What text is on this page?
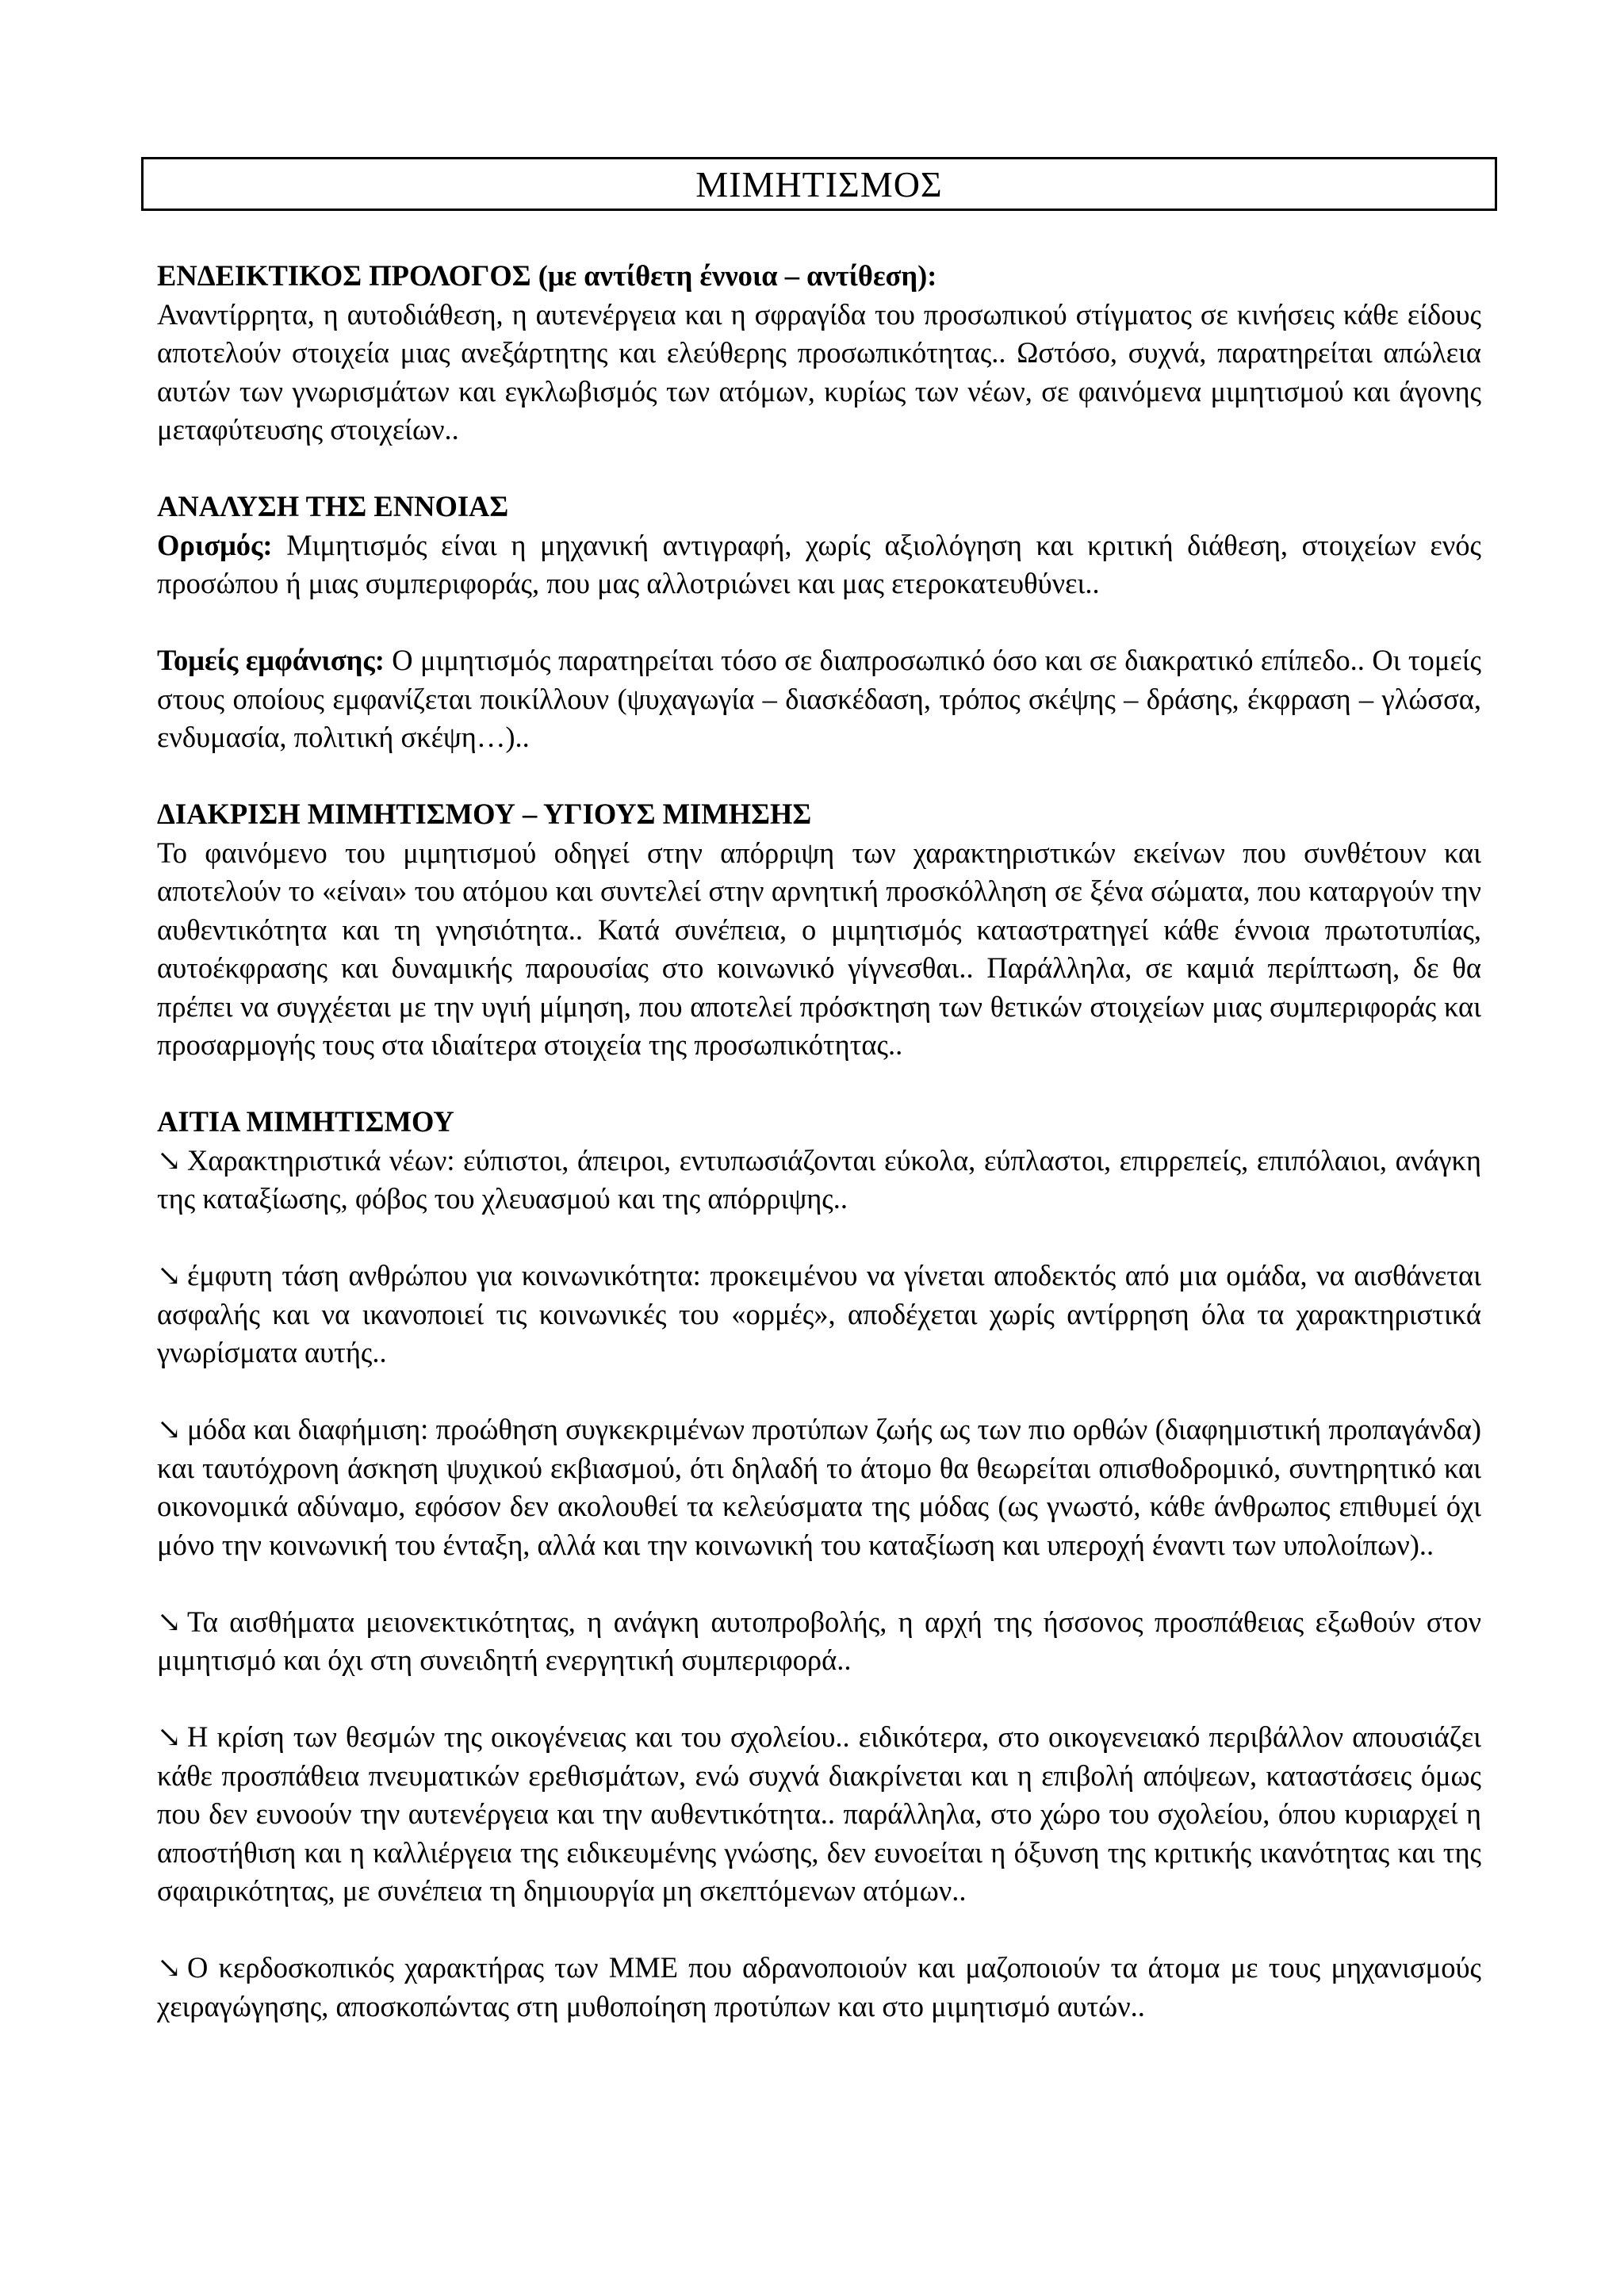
ΜΙΜΗΤΙΣΜΟΣ

ΕΝΔΕΙΚΤΙΚΟΣ ΠΡΟΛΟΓΟΣ (με αντίθετη έννοια – αντίθεση):

Αναντίρρητα, η αυτοδιάθεση, η αυτενέργεια και η σφραγίδα του προσωπικού στίγματος σε κινήσεις κάθε είδους αποτελούν στοιχεία μιας ανεξάρτητης και ελεύθερης προσωπικότητας.. Ωστόσο, συχνά, παρατηρείται απώλεια αυτών των γνωρισμάτων και εγκλωβισμός των ατόμων, κυρίως των νέων, σε φαινόμενα μιμητισμού και άγονης μεταφύτευσης στοιχείων..

ΑΝΑΛΥΣΗ ΤΗΣ ΕΝΝΟΙΑΣ

Ορισμός: Μιμητισμός είναι η μηχανική αντιγραφή, χωρίς αξιολόγηση και κριτική διάθεση, στοιχείων ενός προσώπου ή μιας συμπεριφοράς, που μας αλλοτριώνει και μας ετεροκατευθύνει..

Τομείς εμφάνισης: Ο μιμητισμός παρατηρείται τόσο σε διαπροσωπικό όσο και σε διακρατικό επίπεδο.. Οι τομείς στους οποίους εμφανίζεται ποικίλλουν (ψυχαγωγία – διασκέδαση, τρόπος σκέψης – δράσης, έκφραση – γλώσσα, ενδυμασία, πολιτική σκέψη…)..

ΔΙΑΚΡΙΣΗ ΜΙΜΗΤΙΣΜΟΥ – ΥΓΙΟΥΣ ΜΙΜΗΣΗΣ

Το φαινόμενο του μιμητισμού οδηγεί στην απόρριψη των χαρακτηριστικών εκείνων που συνθέτουν και αποτελούν το «είναι» του ατόμου και συντελεί στην αρνητική προσκόλληση σε ξένα σώματα, που καταργούν την αυθεντικότητα και τη γνησιότητα.. Κατά συνέπεια, ο μιμητισμός καταστρατηγεί κάθε έννοια πρωτοτυπίας, αυτοέκφρασης και δυναμικής παρουσίας στο κοινωνικό γίγνεσθαι.. Παράλληλα, σε καμιά περίπτωση, δε θα πρέπει να συγχέεται με την υγιή μίμηση, που αποτελεί πρόσκτηση των θετικών στοιχείων μιας συμπεριφοράς και προσαρμογής τους στα ιδιαίτερα στοιχεία της προσωπικότητας..

ΑΙΤΙΑ ΜΙΜΗΤΙΣΜΟΥ

↘ Χαρακτηριστικά νέων: εύπιστοι, άπειροι, εντυπωσιάζονται εύκολα, εύπλαστοι, επιρρεπείς, επιπόλαιοι, ανάγκη της καταξίωσης, φόβος του χλευασμού και της απόρριψης..

↘ έμφυτη τάση ανθρώπου για κοινωνικότητα: προκειμένου να γίνεται αποδεκτός από μια ομάδα, να αισθάνεται ασφαλής και να ικανοποιεί τις κοινωνικές του «ορμές», αποδέχεται χωρίς αντίρρηση όλα τα χαρακτηριστικά γνωρίσματα αυτής..

↘ μόδα και διαφήμιση: προώθηση συγκεκριμένων προτύπων ζωής ως των πιο ορθών (διαφημιστική προπαγάνδα) και ταυτόχρονη άσκηση ψυχικού εκβιασμού, ότι δηλαδή το άτομο θα θεωρείται οπισθοδρομικό, συντηρητικό και οικονομικά αδύναμο, εφόσον δεν ακολουθεί τα κελεύσματα της μόδας (ως γνωστό, κάθε άνθρωπος επιθυμεί όχι μόνο την κοινωνική του ένταξη, αλλά και την κοινωνική του καταξίωση και υπεροχή έναντι των υπολοίπων)..

↘ Τα αισθήματα μειονεκτικότητας, η ανάγκη αυτοπροβολής, η αρχή της ήσσονος προσπάθειας εξωθούν στον μιμητισμό και όχι στη συνειδητή ενεργητική συμπεριφορά..

↘ Η κρίση των θεσμών της οικογένειας και του σχολείου.. ειδικότερα, στο οικογενειακό περιβάλλον απουσιάζει κάθε προσπάθεια πνευματικών ερεθισμάτων, ενώ συχνά διακρίνεται και η επιβολή απόψεων, καταστάσεις όμως που δεν ευνοούν την αυτενέργεια και την αυθεντικότητα.. παράλληλα, στο χώρο του σχολείου, όπου κυριαρχεί η αποστήθιση και η καλλιέργεια της ειδικευμένης γνώσης, δεν ευνοείται η όξυνση της κριτικής ικανότητας και της σφαιρικότητας, με συνέπεια τη δημιουργία μη σκεπτόμενων ατόμων..

↘ Ο κερδοσκοπικός χαρακτήρας των ΜΜΕ που αδρανοποιούν και μαζοποιούν τα άτομα με τους μηχανισμούς χειραγώγησης, αποσκοπώντας στη μυθοποίηση προτύπων και στο μιμητισμό αυτών..
